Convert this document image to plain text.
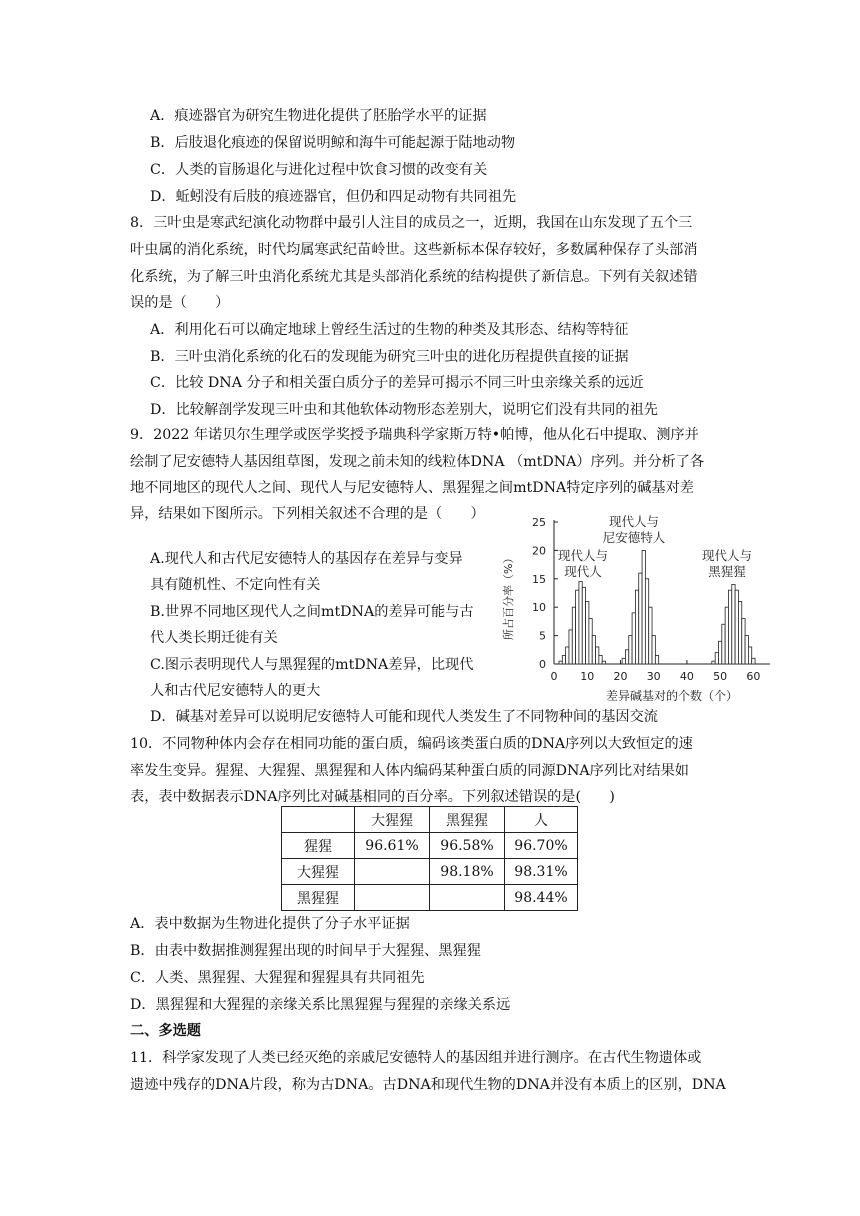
A．痕迹器官为研究生物进化提供了胚胎学水平的证据
B．后肢退化痕迹的保留说明鲸和海牛可能起源于陆地动物
C．人类的盲肠退化与进化过程中饮食习惯的改变有关
D．蚯蚓没有后肢的痕迹器官，但仍和四足动物有共同祖先
8．三叶虫是寒武纪演化动物群中最引人注目的成员之一，近期，我国在山东发现了五个三
叶虫属的消化系统，时代均属寒武纪苗岭世。这些新标本保存较好，多数属种保存了头部消
化系统，为了解三叶虫消化系统尤其是头部消化系统的结构提供了新信息。下列有关叙述错
误的是（　　）
A．利用化石可以确定地球上曾经生活过的生物的种类及其形态、结构等特征
B．三叶虫消化系统的化石的发现能为研究三叶虫的进化历程提供直接的证据
C．比较 DNA 分子和相关蛋白质分子的差异可揭示不同三叶虫亲缘关系的远近
D．比较解剖学发现三叶虫和其他软体动物形态差别大，说明它们没有共同的祖先
9．2022 年诺贝尔生理学或医学奖授予瑞典科学家斯万特•帕博，他从化石中提取、测序并
绘制了尼安德特人基因组草图，发现之前未知的线粒体DNA （mtDNA）序列。并分析了各
地不同地区的现代人之间、现代人与尼安德特人、黑猩猩之间mtDNA特定序列的碱基对差
异，结果如下图所示。下列相关叙述不合理的是（　　）
A.现代人和古代尼安德特人的基因存在差异与变异
具有随机性、不定向性有关
B.世界不同地区现代人之间mtDNA的差异可能与古
代人类长期迁徙有关
C.图示表明现代人与黑猩猩的mtDNA差异，比现代
人和古代尼安德特人的更大
D．碱基对差异可以说明尼安德特人可能和现代人类发生了不同物种间的基因交流
0
5
10
15
20
25
0 10 20 30 40 50 60
所占百分率（%）
差异碱基对的个数（个）
现代人与
现代人
现代人与
尼安德特人
现代人与
黑猩猩
10．不同物种体内会存在相同功能的蛋白质，编码该类蛋白质的DNA序列以大致恒定的速
率发生变异。猩猩、大猩猩、黑猩猩和人体内编码某种蛋白质的同源DNA序列比对结果如
表，表中数据表示DNA序列比对碱基相同的百分率。下列叙述错误的是(　　)
	大猩猩	黑猩猩	人
猩猩	96.61%	96.58%	96.70%
大猩猩		98.18%	98.31%
黑猩猩			98.44%
A．表中数据为生物进化提供了分子水平证据
B．由表中数据推测猩猩出现的时间早于大猩猩、黑猩猩
C．人类、黑猩猩、大猩猩和猩猩具有共同祖先
D．黑猩猩和大猩猩的亲缘关系比黑猩猩与猩猩的亲缘关系远
二、多选题
11．科学家发现了人类已经灭绝的亲戚尼安德特人的基因组并进行测序。在古代生物遗体或
遗迹中残存的DNA片段，称为古DNA。古DNA和现代生物的DNA并没有本质上的区别，DNA
